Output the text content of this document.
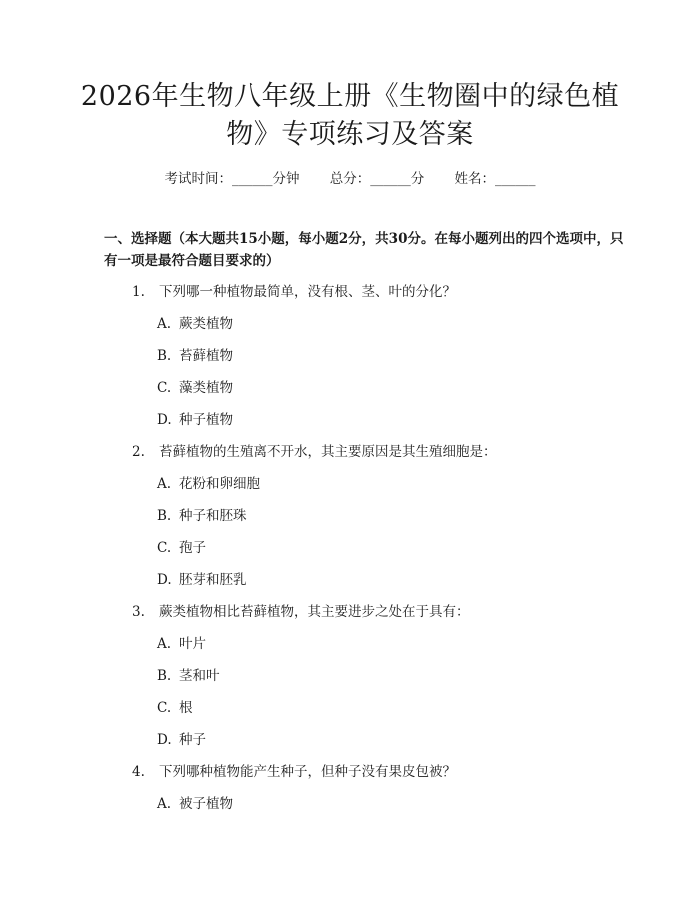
2026年生物八年级上册《生物圈中的绿色植物》专项练习及答案
考试时间：______分钟 总分：______分 姓名：______

一、选择题（本大题共15小题，每小题2分，共30分。在每小题列出的四个选项中，只有一项是最符合题目要求的）

1. 下列哪一种植物最简单，没有根、茎、叶的分化？
A. 蕨类植物
B. 苔藓植物
C. 藻类植物
D. 种子植物
2. 苔藓植物的生殖离不开水，其主要原因是其生殖细胞是：
A. 花粉和卵细胞
B. 种子和胚珠
C. 孢子
D. 胚芽和胚乳
3. 蕨类植物相比苔藓植物，其主要进步之处在于具有：
A. 叶片
B. 茎和叶
C. 根
D. 种子
4. 下列哪种植物能产生种子，但种子没有果皮包被？
A. 被子植物
